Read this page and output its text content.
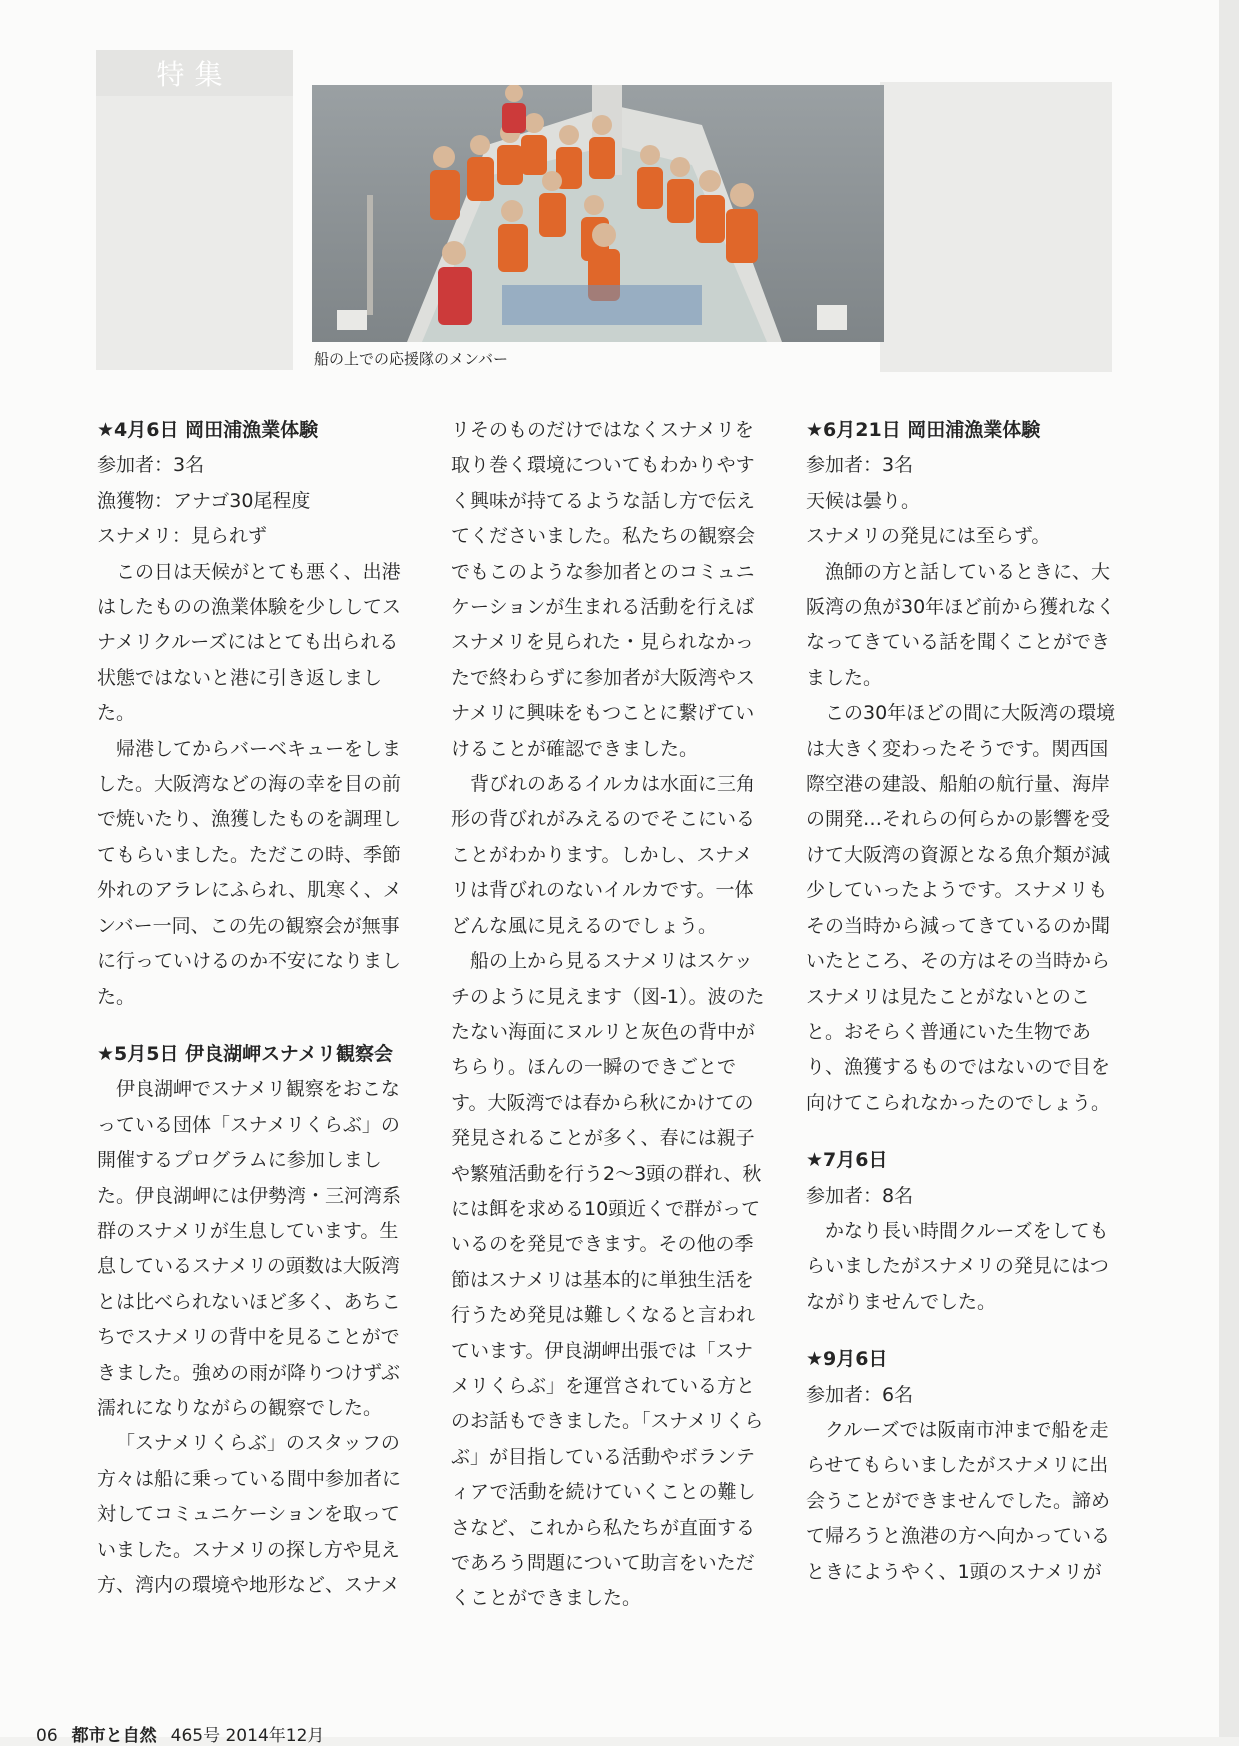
特集
船の上での応援隊のメンバー

★4月6日 岡田浦漁業体験

参加者：3名

漁獲物：アナゴ30尾程度

スナメリ：見られず

この日は天候がとても悪く、出港はしたものの漁業体験を少ししてスナメリクルーズにはとても出られる状態ではないと港に引き返しました。

帰港してからバーベキューをしました。大阪湾などの海の幸を目の前で焼いたり、漁獲したものを調理してもらいました。ただこの時、季節外れのアラレにふられ、肌寒く、メンバー一同、この先の観察会が無事に行っていけるのか不安になりました。

★5月5日 伊良湖岬スナメリ観察会

伊良湖岬でスナメリ観察をおこなっている団体「スナメリくらぶ」の開催するプログラムに参加しました。伊良湖岬には伊勢湾・三河湾系群のスナメリが生息しています。生息しているスナメリの頭数は大阪湾とは比べられないほど多く、あちこちでスナメリの背中を見ることができました。強めの雨が降りつけずぶ濡れになりながらの観察でした。

「スナメリくらぶ」のスタッフの方々は船に乗っている間中参加者に対してコミュニケーションを取っていました。スナメリの探し方や見え方、湾内の環境や地形など、スナメ

リそのものだけではなくスナメリを取り巻く環境についてもわかりやすく興味が持てるような話し方で伝えてくださいました。私たちの観察会でもこのような参加者とのコミュニケーションが生まれる活動を行えばスナメリを見られた・見られなかったで終わらずに参加者が大阪湾やスナメリに興味をもつことに繋げていけることが確認できました。

背びれのあるイルカは水面に三角形の背びれがみえるのでそこにいることがわかります。しかし、スナメリは背びれのないイルカです。一体どんな風に見えるのでしょう。

船の上から見るスナメリはスケッチのように見えます（図-1）。波のたたない海面にヌルリと灰色の背中がちらり。ほんの一瞬のできごとです。大阪湾では春から秋にかけての発見されることが多く、春には親子や繁殖活動を行う2〜3頭の群れ、秋には餌を求める10頭近くで群がっているのを発見できます。その他の季節はスナメリは基本的に単独生活を行うため発見は難しくなると言われています。伊良湖岬出張では「スナメリくらぶ」を運営されている方とのお話もできました。「スナメリくらぶ」が目指している活動やボランティアで活動を続けていくことの難しさなど、これから私たちが直面するであろう問題について助言をいただくことができました。

★6月21日 岡田浦漁業体験

参加者：3名

天候は曇り。

スナメリの発見には至らず。

漁師の方と話しているときに、大阪湾の魚が30年ほど前から獲れなくなってきている話を聞くことができました。

この30年ほどの間に大阪湾の環境は大きく変わったそうです。関西国際空港の建設、船舶の航行量、海岸の開発…それらの何らかの影響を受けて大阪湾の資源となる魚介類が減少していったようです。スナメリもその当時から減ってきているのか聞いたところ、その方はその当時からスナメリは見たことがないとのこと。おそらく普通にいた生物であり、漁獲するものではないので目を向けてこられなかったのでしょう。

★7月6日

参加者：8名

かなり長い時間クルーズをしてもらいましたがスナメリの発見にはつながりませんでした。

★9月6日

参加者：6名

クルーズでは阪南市沖まで船を走らせてもらいましたがスナメリに出会うことができませんでした。諦めて帰ろうと漁港の方へ向かっているときにようやく、1頭のスナメリが

06 都市と自然 465号 2014年12月
